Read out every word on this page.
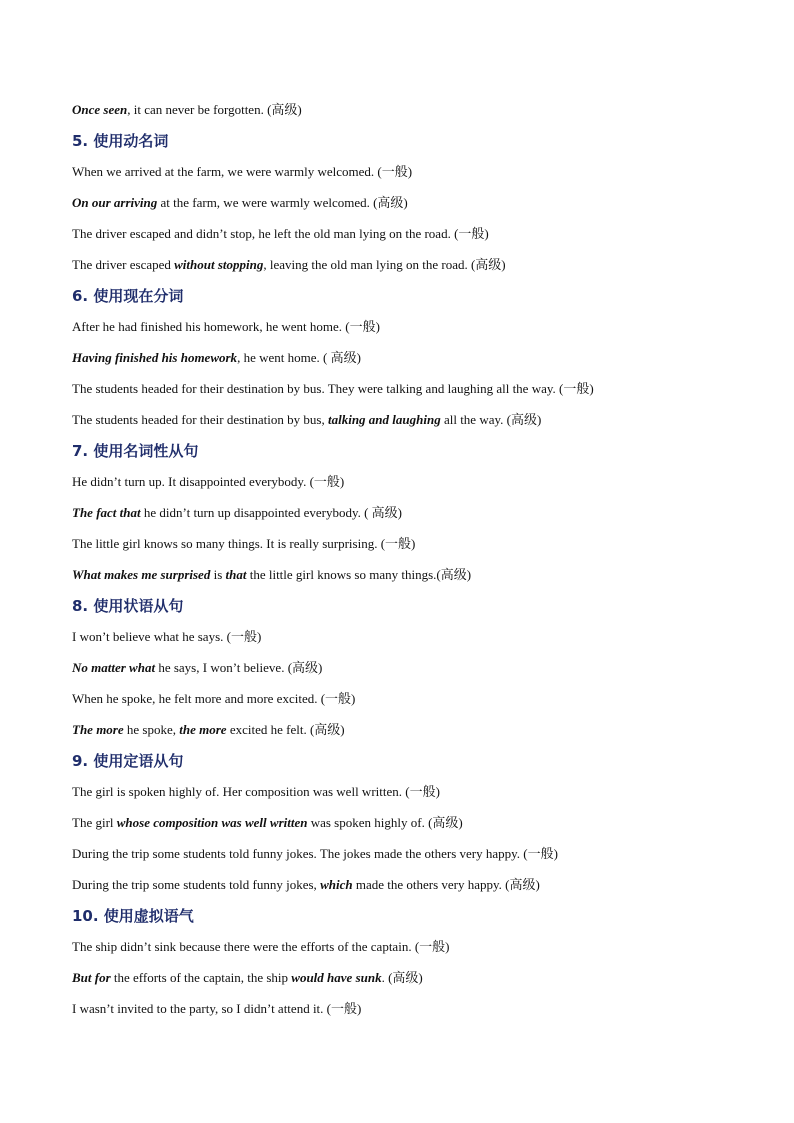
Once seen, it can never be forgotten. (高级)
5. 使用动名词
When we arrived at the farm, we were warmly welcomed. (一般)
On our arriving at the farm, we were warmly welcomed. (高级)
The driver escaped and didn’t stop, he left the old man lying on the road. (一般)
The driver escaped without stopping, leaving the old man lying on the road. (高级)
6. 使用现在分词
After he had finished his homework, he went home. (一般)
Having finished his homework, he went home. ( 高级)
The students headed for their destination by bus. They were talking and laughing all the way. (一般)
The students headed for their destination by bus, talking and laughing all the way. (高级)
7. 使用名词性从句
He didn’t turn up. It disappointed everybody. (一般)
The fact that he didn’t turn up disappointed everybody. ( 高级)
The little girl knows so many things. It is really surprising. (一般)
What makes me surprised is that the little girl knows so many things.(高级)
8. 使用状语从句
I won’t believe what he says. (一般)
No matter what he says, I won’t believe. (高级)
When he spoke, he felt more and more excited. (一般)
The more he spoke, the more excited he felt. (高级)
9. 使用定语从句
The girl is spoken highly of. Her composition was well written. (一般)
The girl whose composition was well written was spoken highly of. (高级)
During the trip some students told funny jokes. The jokes made the others very happy. (一般)
During the trip some students told funny jokes, which made the others very happy. (高级)
10. 使用虚拟语气
The ship didn’t sink because there were the efforts of the captain. (一般)
But for the efforts of the captain, the ship would have sunk. (高级)
I wasn’t invited to the party, so I didn’t attend it. (一般)
